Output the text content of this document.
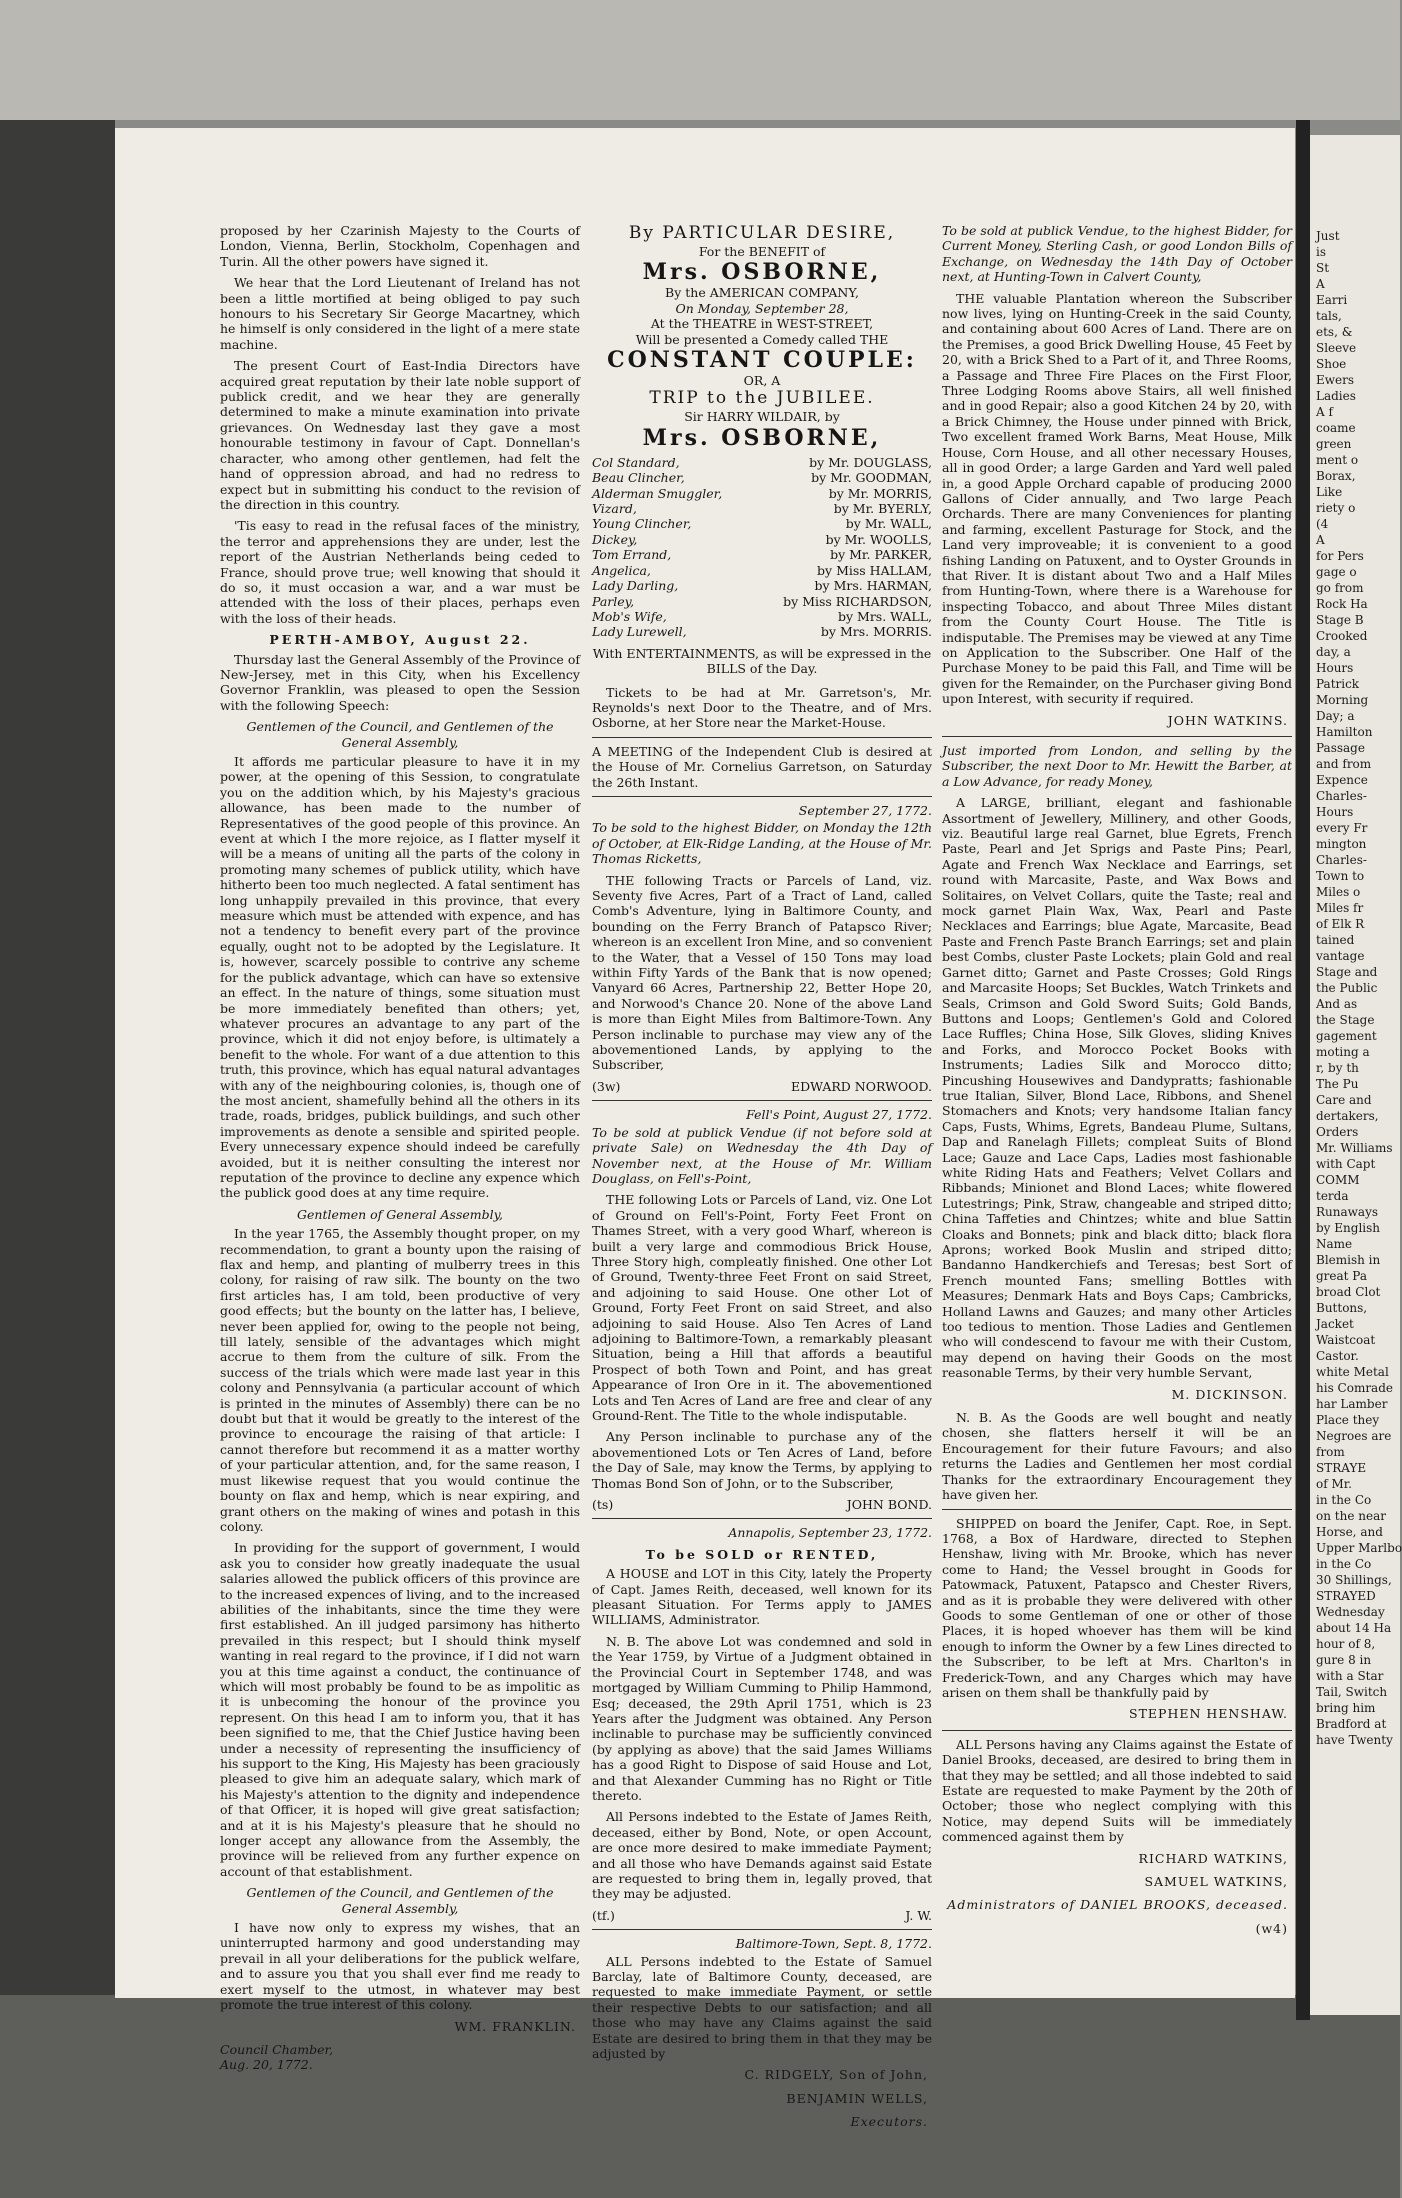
proposed by her Czarinish Majesty to the Courts of London, Vienna, Berlin, Stockholm, Copenhagen and Turin. All the other powers have signed it.

We hear that the Lord Lieutenant of Ireland has not been a little mortified at being obliged to pay such honours to his Secretary Sir George Macartney, which he himself is only considered in the light of a mere state machine.

The present Court of East-India Directors have acquired great reputation by their late noble support of publick credit, and we hear they are generally determined to make a minute examination into private grievances. On Wednesday last they gave a most honourable testimony in favour of Capt. Donnellan's character, who among other gentlemen, had felt the hand of oppression abroad, and had no redress to expect but in submitting his conduct to the revision of the direction in this country.

'Tis easy to read in the refusal faces of the ministry, the terror and apprehensions they are under, lest the report of the Austrian Netherlands being ceded to France, should prove true; well knowing that should it do so, it must occasion a war, and a war must be attended with the loss of their places, perhaps even with the loss of their heads.

PERTH-AMBOY, August 22.

Thursday last the General Assembly of the Province of New-Jersey, met in this City, when his Excellency Governor Franklin, was pleased to open the Session with the following Speech:

Gentlemen of the Council, and Gentlemen of the General Assembly,

It affords me particular pleasure to have it in my power, at the opening of this Session, to congratulate you on the addition which, by his Majesty's gracious allowance, has been made to the number of Representatives of the good people of this province. An event at which I the more rejoice, as I flatter myself it will be a means of uniting all the parts of the colony in promoting many schemes of publick utility, which have hitherto been too much neglected. A fatal sentiment has long unhappily prevailed in this province, that every measure which must be attended with expence, and has not a tendency to benefit every part of the province equally, ought not to be adopted by the Legislature. It is, however, scarcely possible to contrive any scheme for the publick advantage, which can have so extensive an effect. In the nature of things, some situation must be more immediately benefited than others; yet, whatever procures an advantage to any part of the province, which it did not enjoy before, is ultimately a benefit to the whole. For want of a due attention to this truth, this province, which has equal natural advantages with any of the neighbouring colonies, is, though one of the most ancient, shamefully behind all the others in its trade, roads, bridges, publick buildings, and such other improvements as denote a sensible and spirited people. Every unnecessary expence should indeed be carefully avoided, but it is neither consulting the interest nor reputation of the province to decline any expence which the publick good does at any time require.

Gentlemen of General Assembly,

In the year 1765, the Assembly thought proper, on my recommendation, to grant a bounty upon the raising of flax and hemp, and planting of mulberry trees in this colony, for raising of raw silk. The bounty on the two first articles has, I am told, been productive of very good effects; but the bounty on the latter has, I believe, never been applied for, owing to the people not being, till lately, sensible of the advantages which might accrue to them from the culture of silk. From the success of the trials which were made last year in this colony and Pennsylvania (a particular account of which is printed in the minutes of Assembly) there can be no doubt but that it would be greatly to the interest of the province to encourage the raising of that article: I cannot therefore but recommend it as a matter worthy of your particular attention, and, for the same reason, I must likewise request that you would continue the bounty on flax and hemp, which is near expiring, and grant others on the making of wines and potash in this colony.

In providing for the support of government, I would ask you to consider how greatly inadequate the usual salaries allowed the publick officers of this province are to the increased expences of living, and to the increased abilities of the inhabitants, since the time they were first established. An ill judged parsimony has hitherto prevailed in this respect; but I should think myself wanting in real regard to the province, if I did not warn you at this time against a conduct, the continuance of which will most probably be found to be as impolitic as it is unbecoming the honour of the province you represent. On this head I am to inform you, that it has been signified to me, that the Chief Justice having been under a necessity of representing the insufficiency of his support to the King, His Majesty has been graciously pleased to give him an adequate salary, which mark of his Majesty's attention to the dignity and independence of that Officer, it is hoped will give great satisfaction; and at it is his Majesty's pleasure that he should no longer accept any allowance from the Assembly, the province will be relieved from any further expence on account of that establishment.

Gentlemen of the Council, and Gentlemen of the General Assembly,

I have now only to express my wishes, that an uninterrupted harmony and good understanding may prevail in all your deliberations for the publick welfare, and to assure you that you shall ever find me ready to exert myself to the utmost, in whatever may best promote the true interest of this colony.

WM. FRANKLIN.
Council Chamber,
Aug. 20, 1772.
By PARTICULAR DESIRE,
For the BENEFIT of
Mrs. OSBORNE,
By the AMERICAN COMPANY,
On Monday, September 28,
At the THEATRE in WEST-STREET,
Will be presented a Comedy called THE
CONSTANT COUPLE:
OR, A
TRIP to the JUBILEE.
Sir HARRY WILDAIR, by
Mrs. OSBORNE,
Col Standard,	by Mr. DOUGLASS,
Beau Clincher,	by Mr. GOODMAN,
Alderman Smuggler,	by Mr. MORRIS,
Vizard,	by Mr. BYERLY,
Young Clincher,	by Mr. WALL,
Dickey,	by Mr. WOOLLS,
Tom Errand,	by Mr. PARKER,
Angelica,	by Miss HALLAM,
Lady Darling,	by Mrs. HARMAN,
Parley,	by Miss RICHARDSON,
Mob's Wife,	by Mrs. WALL,
Lady Lurewell,	by Mrs. MORRIS.
With ENTERTAINMENTS, as will be expressed in the BILLS of the Day.

Tickets to be had at Mr. Garretson's, Mr. Reynolds's next Door to the Theatre, and of Mrs. Osborne, at her Store near the Market-House.

A MEETING of the Independent Club is desired at the House of Mr. Cornelius Garretson, on Saturday the 26th Instant.

September 27, 1772.

To be sold to the highest Bidder, on Monday the 12th of October, at Elk-Ridge Landing, at the House of Mr. Thomas Ricketts,

THE following Tracts or Parcels of Land, viz. Seventy five Acres, Part of a Tract of Land, called Comb's Adventure, lying in Baltimore County, and bounding on the Ferry Branch of Patapsco River; whereon is an excellent Iron Mine, and so convenient to the Water, that a Vessel of 150 Tons may load within Fifty Yards of the Bank that is now opened; Vanyard 66 Acres, Partnership 22, Better Hope 20, and Norwood's Chance 20. None of the above Land is more than Eight Miles from Baltimore-Town. Any Person inclinable to purchase may view any of the abovementioned Lands, by applying to the Subscriber,

(3w)	EDWARD NORWOOD.
Fell's Point, August 27, 1772.

To be sold at publick Vendue (if not before sold at private Sale) on Wednesday the 4th Day of November next, at the House of Mr. William Douglass, on Fell's-Point,

THE following Lots or Parcels of Land, viz. One Lot of Ground on Fell's-Point, Forty Feet Front on Thames Street, with a very good Wharf, whereon is built a very large and commodious Brick House, Three Story high, compleatly finished. One other Lot of Ground, Twenty-three Feet Front on said Street, and adjoining to said House. One other Lot of Ground, Forty Feet Front on said Street, and also adjoining to said House. Also Ten Acres of Land adjoining to Baltimore-Town, a remarkably pleasant Situation, being a Hill that affords a beautiful Prospect of both Town and Point, and has great Appearance of Iron Ore in it. The abovementioned Lots and Ten Acres of Land are free and clear of any Ground-Rent. The Title to the whole indisputable.

Any Person inclinable to purchase any of the abovementioned Lots or Ten Acres of Land, before the Day of Sale, may know the Terms, by applying to Thomas Bond Son of John, or to the Subscriber,

(ts)	JOHN BOND.
Annapolis, September 23, 1772.
To be SOLD or RENTED,

A HOUSE and LOT in this City, lately the Property of Capt. James Reith, deceased, well known for its pleasant Situation. For Terms apply to JAMES WILLIAMS, Administrator.

N. B. The above Lot was condemned and sold in the Year 1759, by Virtue of a Judgment obtained in the Provincial Court in September 1748, and was mortgaged by William Cumming to Philip Hammond, Esq; deceased, the 29th April 1751, which is 23 Years after the Judgment was obtained. Any Person inclinable to purchase may be sufficiently convinced (by applying as above) that the said James Williams has a good Right to Dispose of said House and Lot, and that Alexander Cumming has no Right or Title thereto.

All Persons indebted to the Estate of James Reith, deceased, either by Bond, Note, or open Account, are once more desired to make immediate Payment; and all those who have Demands against said Estate are requested to bring them in, legally proved, that they may be adjusted.

(tf.)	J. W.
Baltimore-Town, Sept. 8, 1772.

ALL Persons indebted to the Estate of Samuel Barclay, late of Baltimore County, deceased, are requested to make immediate Payment, or settle their respective Debts to our satisfaction; and all those who may have any Claims against the said Estate are desired to bring them in that they may be adjusted by

C. RIDGELY, Son of John,
BENJAMIN WELLS,
Executors.

To be sold at publick Vendue, to the highest Bidder, for Current Money, Sterling Cash, or good London Bills of Exchange, on Wednesday the 14th Day of October next, at Hunting-Town in Calvert County,

THE valuable Plantation whereon the Subscriber now lives, lying on Hunting-Creek in the said County, and containing about 600 Acres of Land. There are on the Premises, a good Brick Dwelling House, 45 Feet by 20, with a Brick Shed to a Part of it, and Three Rooms, a Passage and Three Fire Places on the First Floor, Three Lodging Rooms above Stairs, all well finished and in good Repair; also a good Kitchen 24 by 20, with a Brick Chimney, the House under pinned with Brick, Two excellent framed Work Barns, Meat House, Milk House, Corn House, and all other necessary Houses, all in good Order; a large Garden and Yard well paled in, a good Apple Orchard capable of producing 2000 Gallons of Cider annually, and Two large Peach Orchards. There are many Conveniences for planting and farming, excellent Pasturage for Stock, and the Land very improveable; it is convenient to a good fishing Landing on Patuxent, and to Oyster Grounds in that River. It is distant about Two and a Half Miles from Hunting-Town, where there is a Warehouse for inspecting Tobacco, and about Three Miles distant from the County Court House. The Title is indisputable. The Premises may be viewed at any Time on Application to the Subscriber. One Half of the Purchase Money to be paid this Fall, and Time will be given for the Remainder, on the Purchaser giving Bond upon Interest, with security if required.

JOHN WATKINS.

Just imported from London, and selling by the Subscriber, the next Door to Mr. Hewitt the Barber, at a Low Advance, for ready Money,

A LARGE, brilliant, elegant and fashionable Assortment of Jewellery, Millinery, and other Goods, viz. Beautiful large real Garnet, blue Egrets, French Paste, Pearl and Jet Sprigs and Paste Pins; Pearl, Agate and French Wax Necklace and Earrings, set round with Marcasite, Paste, and Wax Bows and Solitaires, on Velvet Collars, quite the Taste; real and mock garnet Plain Wax, Wax, Pearl and Paste Necklaces and Earrings; blue Agate, Marcasite, Bead Paste and French Paste Branch Earrings; set and plain best Combs, cluster Paste Lockets; plain Gold and real Garnet ditto; Garnet and Paste Crosses; Gold Rings and Marcasite Hoops; Set Buckles, Watch Trinkets and Seals, Crimson and Gold Sword Suits; Gold Bands, Buttons and Loops; Gentlemen's Gold and Colored Lace Ruffles; China Hose, Silk Gloves, sliding Knives and Forks, and Morocco Pocket Books with Instruments; Ladies Silk and Morocco ditto; Pincushing Housewives and Dandypratts; fashionable true Italian, Silver, Blond Lace, Ribbons, and Shenel Stomachers and Knots; very handsome Italian fancy Caps, Fusts, Whims, Egrets, Bandeau Plume, Sultans, Dap and Ranelagh Fillets; compleat Suits of Blond Lace; Gauze and Lace Caps, Ladies most fashionable white Riding Hats and Feathers; Velvet Collars and Ribbands; Minionet and Blond Laces; white flowered Lutestrings; Pink, Straw, changeable and striped ditto; China Taffeties and Chintzes; white and blue Sattin Cloaks and Bonnets; pink and black ditto; black flora Aprons; worked Book Muslin and striped ditto; Bandanno Handkerchiefs and Teresas; best Sort of French mounted Fans; smelling Bottles with Measures; Denmark Hats and Boys Caps; Cambricks, Holland Lawns and Gauzes; and many other Articles too tedious to mention. Those Ladies and Gentlemen who will condescend to favour me with their Custom, may depend on having their Goods on the most reasonable Terms, by their very humble Servant,

M. DICKINSON.

N. B. As the Goods are well bought and neatly chosen, she flatters herself it will be an Encouragement for their future Favours; and also returns the Ladies and Gentlemen her most cordial Thanks for the extraordinary Encouragement they have given her.

SHIPPED on board the Jenifer, Capt. Roe, in Sept. 1768, a Box of Hardware, directed to Stephen Henshaw, living with Mr. Brooke, which has never come to Hand; the Vessel brought in Goods for Patowmack, Patuxent, Patapsco and Chester Rivers, and as it is probable they were delivered with other Goods to some Gentleman of one or other of those Places, it is hoped whoever has them will be kind enough to inform the Owner by a few Lines directed to the Subscriber, to be left at Mrs. Charlton's in Frederick-Town, and any Charges which may have arisen on them shall be thankfully paid by

STEPHEN HENSHAW.

ALL Persons having any Claims against the Estate of Daniel Brooks, deceased, are desired to bring them in that they may be settled; and all those indebted to said Estate are requested to make Payment by the 20th of October; those who neglect complying with this Notice, may depend Suits will be immediately commenced against them by

RICHARD WATKINS,
SAMUEL WATKINS,
Administrators of DANIEL BROOKS, deceased.
(w4)
Just
is
St
A
Earri
tals,
ets, &
Sleeve
Shoe
Ewers
Ladies
A f
coame
green
ment o
Borax,
Like
riety o
(4
A
for Pers
gage o
go from
Rock Ha
Stage B
Crooked
day, a
Hours
Patrick
Morning
Day; a
Hamilton
Passage
and from
Expence
Charles-
Hours
every Fr
mington
Charles-
Town to
Miles o
Miles fr
of Elk R
tained
vantage
Stage and
the Public
And as
the Stage
gagement
moting a
r, by th
The Pu
Care and
dertakers,
Orders
Mr. Williams
with Capt
COMM
terda
Runaways
by English
Name
Blemish in
great Pa
broad Clot
Buttons,
Jacket
Waistcoat
Castor.
white Metal
his Comrade
har Lamber
Place they
Negroes are
from
STRAYE
of Mr.
in the Co
on the near
Horse, and
Upper Marlbo
in the Co
30 Shillings,
STRAYED
Wednesday
about 14 Ha
hour of 8,
gure 8 in
with a Star
Tail, Switch
bring him
Bradford at
have Twenty
